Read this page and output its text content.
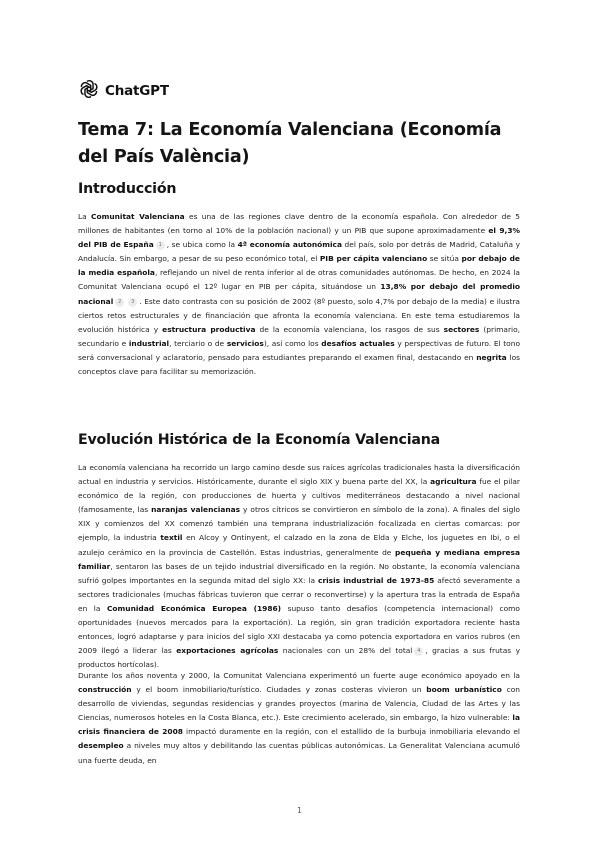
ChatGPT
Tema 7: La Economía Valenciana (Economía del País València)
Introducción

La Comunitat Valenciana es una de las regiones clave dentro de la economía española. Con alrededor de 5 millones de habitantes (en torno al 10% de la población nacional) y un PIB que supone aproximadamente el 9,3% del PIB de España 1 , se ubica como la 4ª economía autonómica del país, solo por detrás de Madrid, Cataluña y Andalucía. Sin embargo, a pesar de su peso económico total, el PIB per cápita valenciano se sitúa por debajo de la media española, reflejando un nivel de renta inferior al de otras comunidades autónomas. De hecho, en 2024 la Comunitat Valenciana ocupó el 12º lugar en PIB per cápita, situándose un 13,8% por debajo del promedio nacional 2 3 . Este dato contrasta con su posición de 2002 (8º puesto, solo 4,7% por debajo de la media) e ilustra ciertos retos estructurales y de financiación que afronta la economía valenciana. En este tema estudiaremos la evolución histórica y estructura productiva de la economía valenciana, los rasgos de sus sectores (primario, secundario e industrial, terciario o de servicios), así como los desafíos actuales y perspectivas de futuro. El tono será conversacional y aclaratorio, pensado para estudiantes preparando el examen final, destacando en negrita los conceptos clave para facilitar su memorización.

Evolución Histórica de la Economía Valenciana

La economía valenciana ha recorrido un largo camino desde sus raíces agrícolas tradicionales hasta la diversificación actual en industria y servicios. Históricamente, durante el siglo XIX y buena parte del XX, la agricultura fue el pilar económico de la región, con producciones de huerta y cultivos mediterráneos destacando a nivel nacional (famosamente, las naranjas valencianas y otros cítricos se convirtieron en símbolo de la zona). A finales del siglo XIX y comienzos del XX comenzó también una temprana industrialización focalizada en ciertas comarcas: por ejemplo, la industria textil en Alcoy y Ontinyent, el calzado en la zona de Elda y Elche, los juguetes en Ibi, o el azulejo cerámico en la provincia de Castellón. Estas industrias, generalmente de pequeña y mediana empresa familiar, sentaron las bases de un tejido industrial diversificado en la región. No obstante, la economía valenciana sufrió golpes importantes en la segunda mitad del siglo XX: la crisis industrial de 1973-85 afectó severamente a sectores tradicionales (muchas fábricas tuvieron que cerrar o reconvertirse) y la apertura tras la entrada de España en la Comunidad Económica Europea (1986) supuso tanto desafíos (competencia internacional) como oportunidades (nuevos mercados para la exportación). La región, sin gran tradición exportadora reciente hasta entonces, logró adaptarse y para inicios del siglo XXI destacaba ya como potencia exportadora en varios rubros (en 2009 llegó a liderar las exportaciones agrícolas nacionales con un 28% del total 4 , gracias a sus frutas y productos hortícolas).

Durante los años noventa y 2000, la Comunitat Valenciana experimentó un fuerte auge económico apoyado en la construcción y el boom inmobiliario/turístico. Ciudades y zonas costeras vivieron un boom urbanístico con desarrollo de viviendas, segundas residencias y grandes proyectos (marina de Valencia, Ciudad de las Artes y las Ciencias, numerosos hoteles en la Costa Blanca, etc.). Este crecimiento acelerado, sin embargo, la hizo vulnerable: la crisis financiera de 2008 impactó duramente en la región, con el estallido de la burbuja inmobiliaria elevando el desempleo a niveles muy altos y debilitando las cuentas públicas autonómicas. La Generalitat Valenciana acumuló una fuerte deuda, en

1
